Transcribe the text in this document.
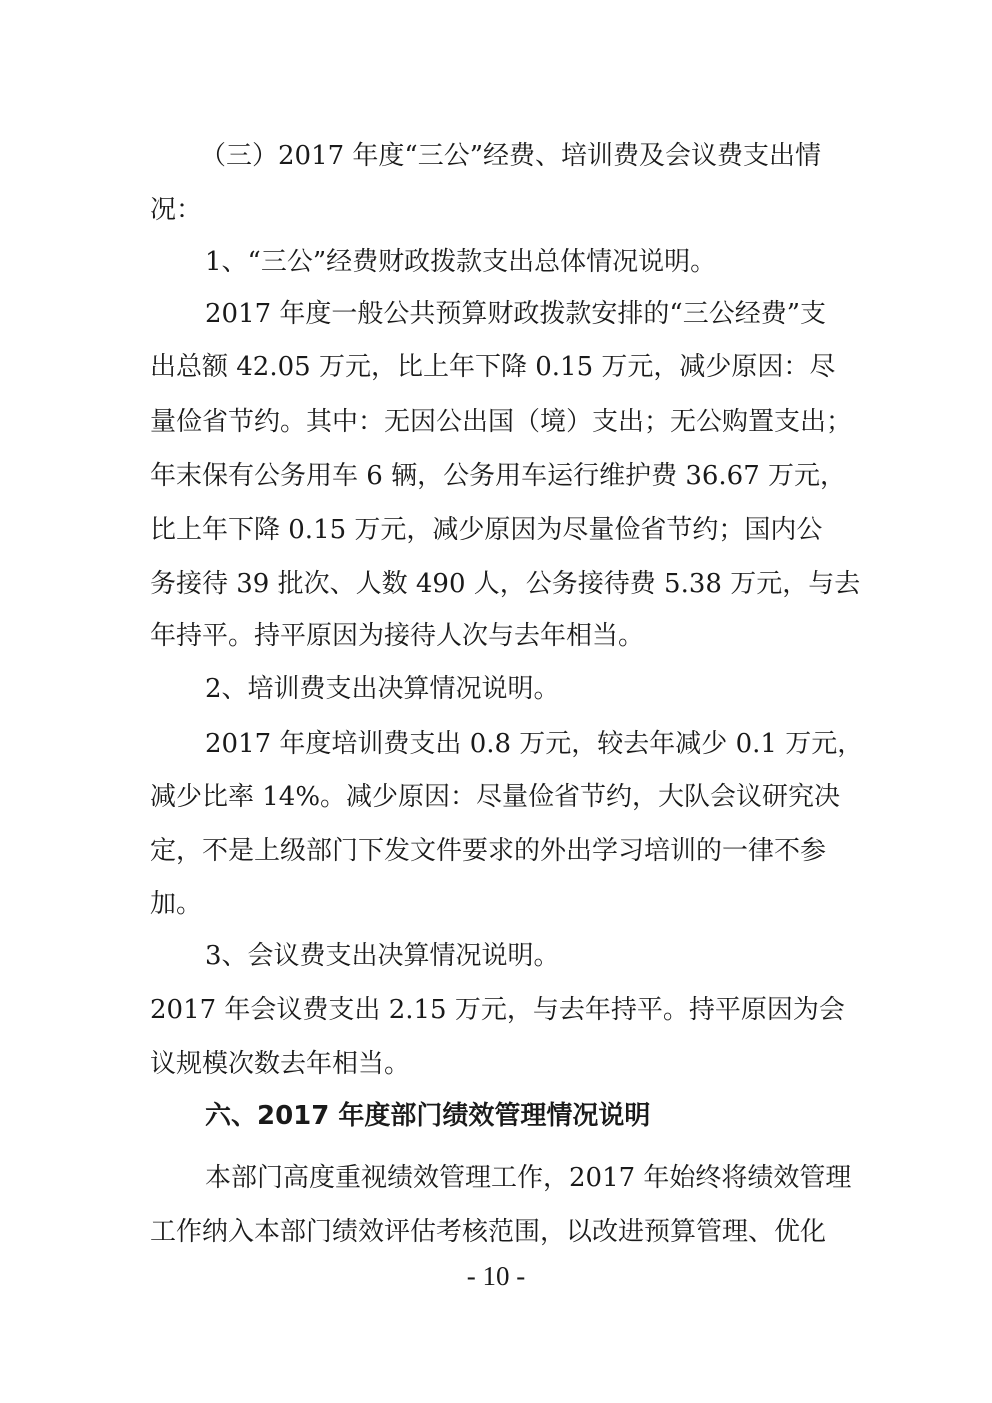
（三）2017 年度“三公”经费、培训费及会议费支出情
况：
1、“三公”经费财政拨款支出总体情况说明。
2017 年度一般公共预算财政拨款安排的“三公经费”支
出总额 42.05 万元，比上年下降 0.15 万元，减少原因：尽
量俭省节约。其中：无因公出国（境）支出；无公购置支出；
年末保有公务用车 6 辆，公务用车运行维护费 36.67 万元，
比上年下降 0.15 万元，减少原因为尽量俭省节约；国内公
务接待 39 批次、人数 490 人，公务接待费 5.38 万元，与去
年持平。持平原因为接待人次与去年相当。
2、培训费支出决算情况说明。
2017 年度培训费支出 0.8 万元，较去年减少 0.1 万元，
减少比率 14%。减少原因：尽量俭省节约，大队会议研究决
定，不是上级部门下发文件要求的外出学习培训的一律不参
加。
3、会议费支出决算情况说明。
2017 年会议费支出 2.15 万元，与去年持平。持平原因为会
议规模次数去年相当。
六、2017 年度部门绩效管理情况说明
本部门高度重视绩效管理工作，2017 年始终将绩效管理
工作纳入本部门绩效评估考核范围，以改进预算管理、优化
- 10 -
